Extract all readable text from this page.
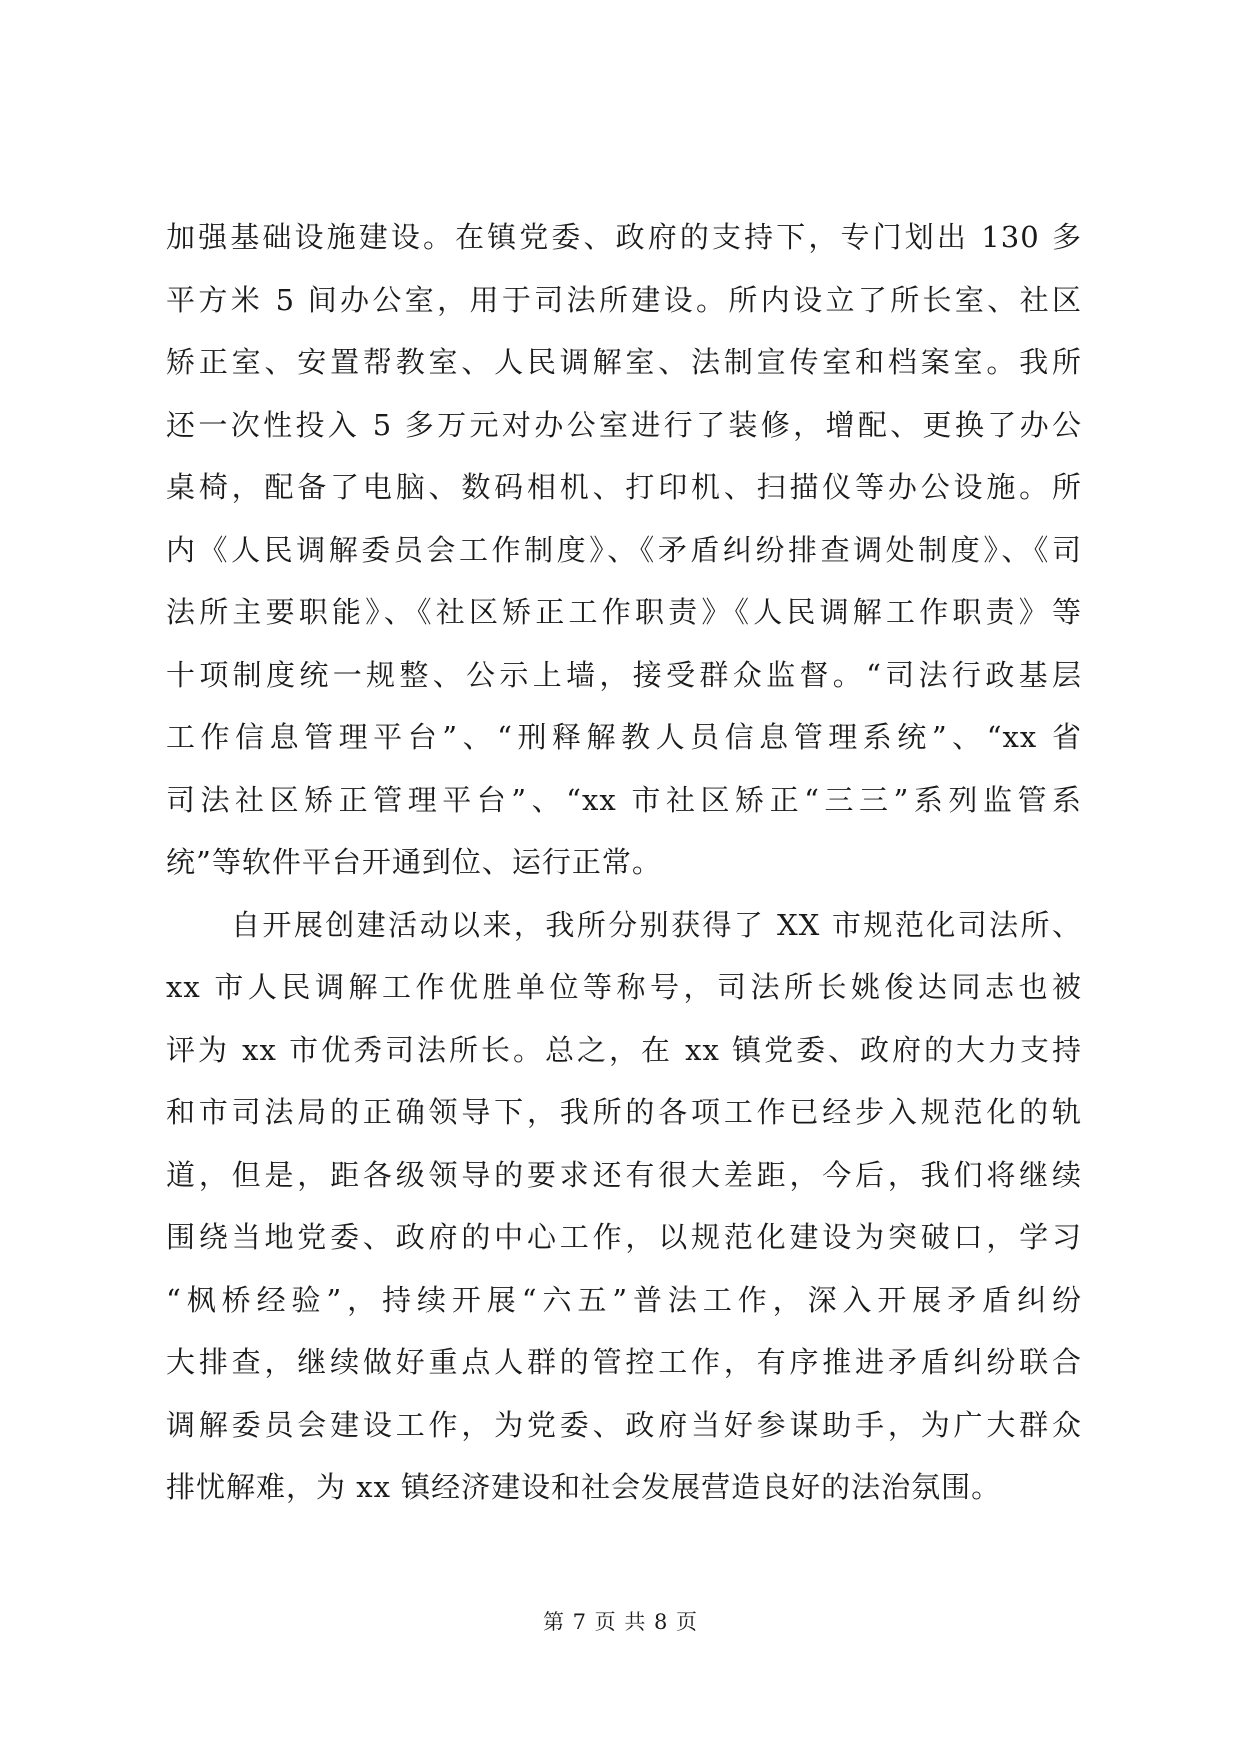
加强基础设施建设。在镇党委、政府的支持下，专门划出 130 多
平方米 5 间办公室，用于司法所建设。所内设立了所长室、社区
矫正室、安置帮教室、人民调解室、法制宣传室和档案室。我所
还一次性投入 5 多万元对办公室进行了装修，增配、更换了办公
桌椅，配备了电脑、数码相机、打印机、扫描仪等办公设施。所
内《人民调解委员会工作制度》、《矛盾纠纷排查调处制度》、《司
法所主要职能》、《社区矫正工作职责》《人民调解工作职责》等
十项制度统一规整、公示上墙，接受群众监督。“司法行政基层
工作信息管理平台”、“刑释解教人员信息管理系统”、“xx 省
司法社区矫正管理平台”、“xx 市社区矫正“三三”系列监管系
统”等软件平台开通到位、运行正常。
自开展创建活动以来，我所分别获得了 XX 市规范化司法所、
xx 市人民调解工作优胜单位等称号，司法所长姚俊达同志也被
评为 xx 市优秀司法所长。总之，在 xx 镇党委、政府的大力支持
和市司法局的正确领导下，我所的各项工作已经步入规范化的轨
道，但是，距各级领导的要求还有很大差距，今后，我们将继续
围绕当地党委、政府的中心工作，以规范化建设为突破口，学习
“枫桥经验”，持续开展“六五”普法工作，深入开展矛盾纠纷
大排查，继续做好重点人群的管控工作，有序推进矛盾纠纷联合
调解委员会建设工作，为党委、政府当好参谋助手，为广大群众
排忧解难，为 xx 镇经济建设和社会发展营造良好的法治氛围。
第 7 页 共 8 页
